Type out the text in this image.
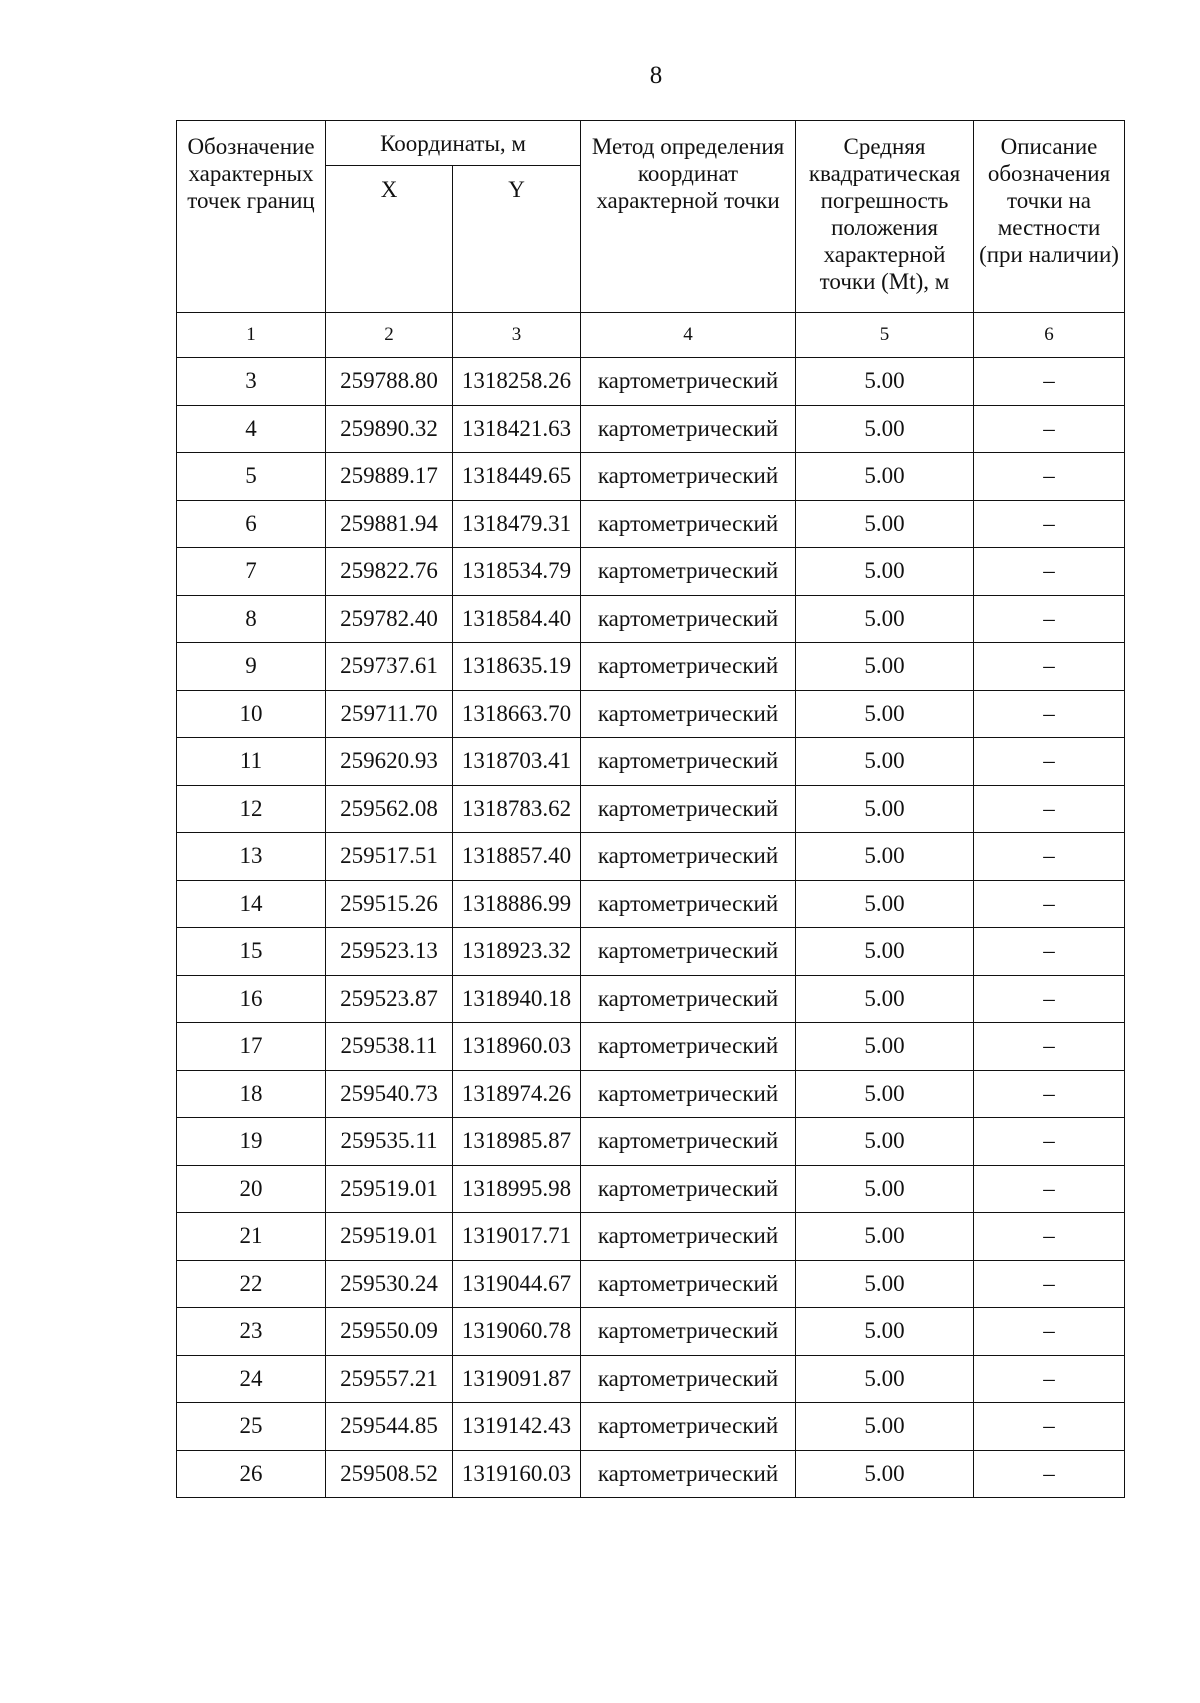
8
Обозначение характерных точек границ	Координаты, м		Метод определения координат характерной точки	Средняя квадратическая погрешность положения характерной точки (Mt), м	Описание обозначения точки на местности (при наличии)
	X	Y			
1	2	3	4	5	6
3	259788.80	1318258.26	картометрический	5.00	–
4	259890.32	1318421.63	картометрический	5.00	–
5	259889.17	1318449.65	картометрический	5.00	–
6	259881.94	1318479.31	картометрический	5.00	–
7	259822.76	1318534.79	картометрический	5.00	–
8	259782.40	1318584.40	картометрический	5.00	–
9	259737.61	1318635.19	картометрический	5.00	–
10	259711.70	1318663.70	картометрический	5.00	–
11	259620.93	1318703.41	картометрический	5.00	–
12	259562.08	1318783.62	картометрический	5.00	–
13	259517.51	1318857.40	картометрический	5.00	–
14	259515.26	1318886.99	картометрический	5.00	–
15	259523.13	1318923.32	картометрический	5.00	–
16	259523.87	1318940.18	картометрический	5.00	–
17	259538.11	1318960.03	картометрический	5.00	–
18	259540.73	1318974.26	картометрический	5.00	–
19	259535.11	1318985.87	картометрический	5.00	–
20	259519.01	1318995.98	картометрический	5.00	–
21	259519.01	1319017.71	картометрический	5.00	–
22	259530.24	1319044.67	картометрический	5.00	–
23	259550.09	1319060.78	картометрический	5.00	–
24	259557.21	1319091.87	картометрический	5.00	–
25	259544.85	1319142.43	картометрический	5.00	–
26	259508.52	1319160.03	картометрический	5.00	–
